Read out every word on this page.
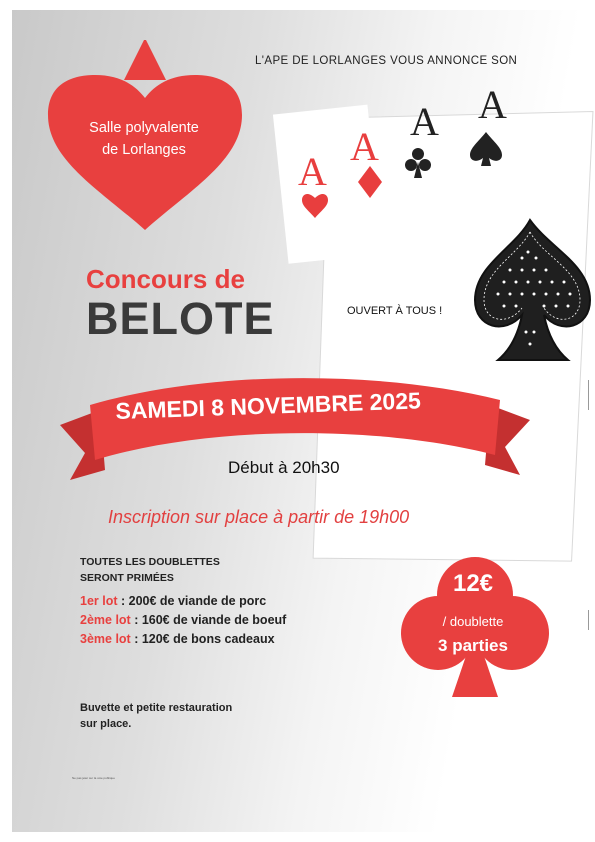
A
A
A A
Salle polyvalente
de Lorlanges
L'APE DE LORLANGES VOUS ANNONCE SON
Concours de
BELOTE	OUVERT À TOUS !
SAMEDI 8 NOVEMBRE 2025
Début à 20h30
Inscription sur place à partir de 19h00
TOUTES LES DOUBLETTES
SERONT PRIMÉES
1er lot : 200€ de viande de porc
2ème lot : 160€ de viande de boeuf
3ème lot : 120€ de bons cadeaux
Buvette et petite restauration
sur place.
12€
/ doublette
3 parties
Ne pas jeter sur la voie publique
